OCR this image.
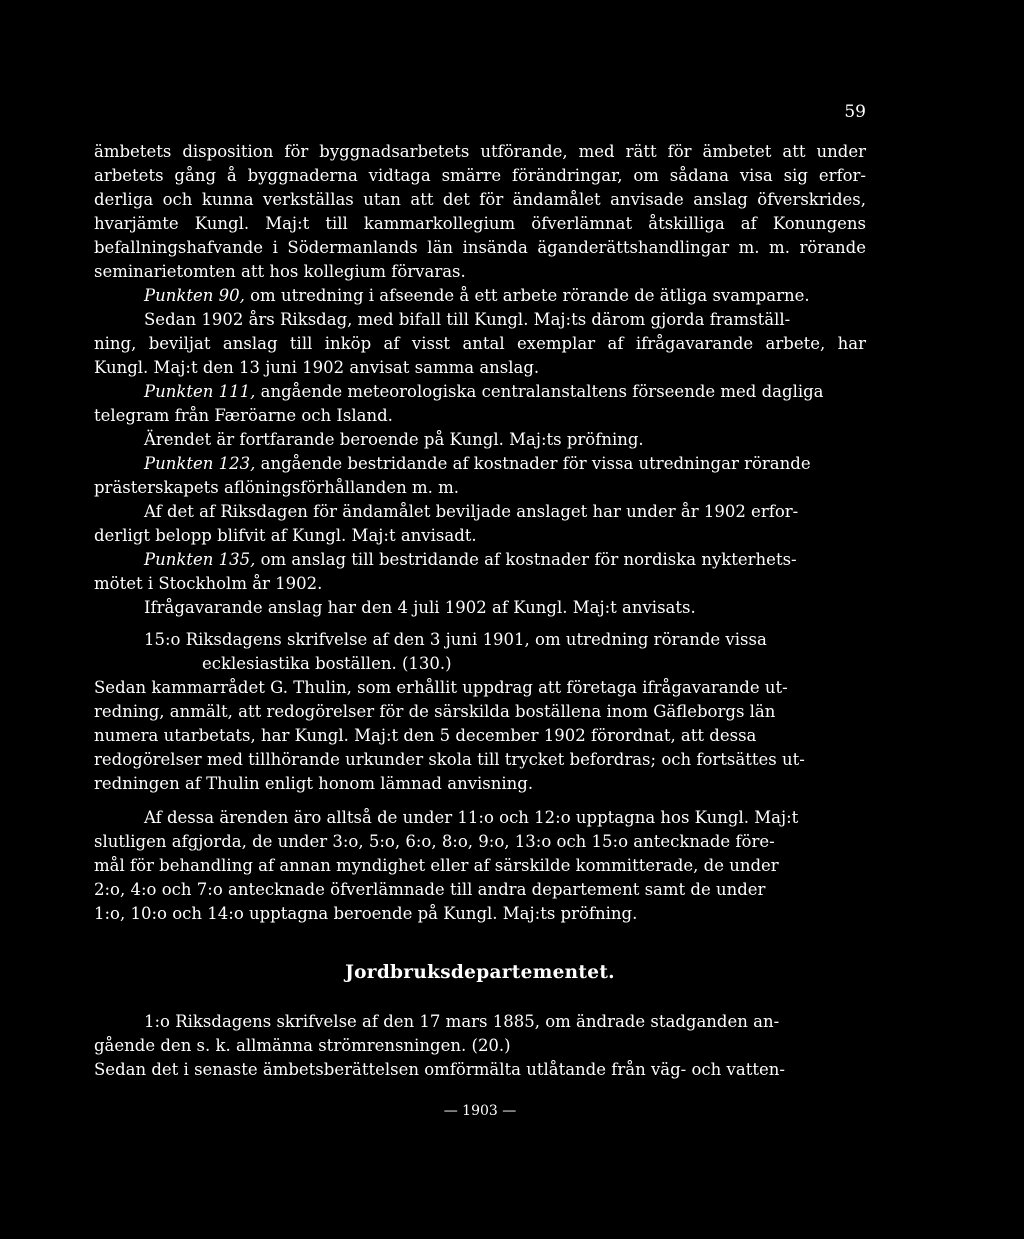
59
ämbetets disposition för byggnadsarbetets utförande, med rätt för ämbetet att under
arbetets gång å byggnaderna vidtaga smärre förändringar, om sådana visa sig erfor-
derliga och kunna verkställas utan att det för ändamålet anvisade anslag öfverskrides,
hvarjämte Kungl. Maj:t till kammarkollegium öfverlämnat åtskilliga af Konungens
befallningshafvande i Södermanlands län insända äganderättshandlingar m. m. rörande
seminarietomten att hos kollegium förvaras.
Punkten 90, om utredning i afseende å ett arbete rörande de ätliga svamparne.
Sedan 1902 års Riksdag, med bifall till Kungl. Maj:ts därom gjorda framställ-
ning, beviljat anslag till inköp af visst antal exemplar af ifrågavarande arbete, har
Kungl. Maj:t den 13 juni 1902 anvisat samma anslag.
Punkten 111, angående meteorologiska centralanstaltens förseende med dagliga
telegram från Færöarne och Island.
Ärendet är fortfarande beroende på Kungl. Maj:ts pröfning.
Punkten 123, angående bestridande af kostnader för vissa utredningar rörande
prästerskapets aflöningsförhållanden m. m.
Af det af Riksdagen för ändamålet beviljade anslaget har under år 1902 erfor-
derligt belopp blifvit af Kungl. Maj:t anvisadt.
Punkten 135, om anslag till bestridande af kostnader för nordiska nykterhets-
mötet i Stockholm år 1902.
Ifrågavarande anslag har den 4 juli 1902 af Kungl. Maj:t anvisats.
15:o Riksdagens skrifvelse af den 3 juni 1901, om utredning rörande vissa
ecklesiastika boställen. (130.)
Sedan kammarrådet G. Thulin, som erhållit uppdrag att företaga ifrågavarande ut-
redning, anmält, att redogörelser för de särskilda boställena inom Gäfleborgs län
numera utarbetats, har Kungl. Maj:t den 5 december 1902 förordnat, att dessa
redogörelser med tillhörande urkunder skola till trycket befordras; och fortsättes ut-
redningen af Thulin enligt honom lämnad anvisning.
Af dessa ärenden äro alltså de under 11:o och 12:o upptagna hos Kungl. Maj:t
slutligen afgjorda, de under 3:o, 5:o, 6:o, 8:o, 9:o, 13:o och 15:o antecknade före-
mål för behandling af annan myndighet eller af särskilde kommitterade, de under
2:o, 4:o och 7:o antecknade öfverlämnade till andra departement samt de under
1:o, 10:o och 14:o upptagna beroende på Kungl. Maj:ts pröfning.
Jordbruksdepartementet.
1:o Riksdagens skrifvelse af den 17 mars 1885, om ändrade stadganden an-
gående den s. k. allmänna strömrensningen. (20.)
Sedan det i senaste ämbetsberättelsen omförmälta utlåtande från väg- och vatten-
— 1903 —
